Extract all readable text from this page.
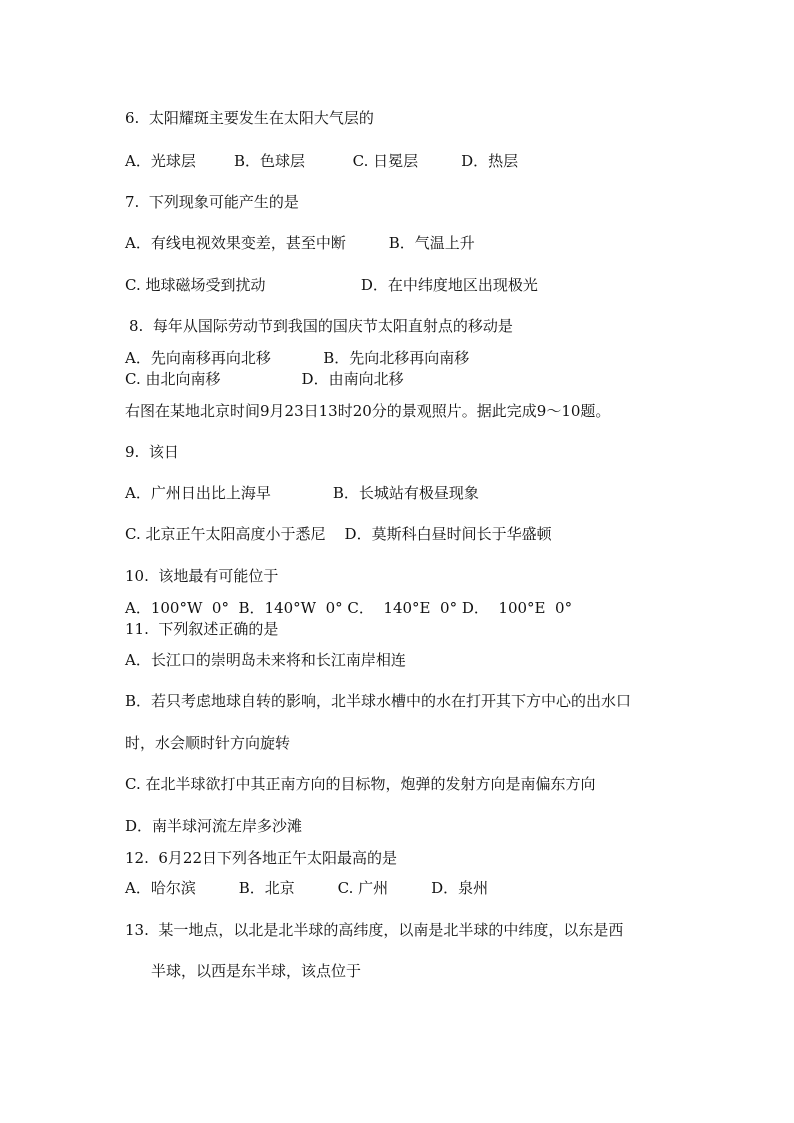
6.  太阳耀斑主要发生在太阳大气层的
A．光球层        B．色球层          C. 日冕层         D．热层
7.  下列现象可能产生的是
A．有线电视效果变差，甚至中断         B．气温上升
C. 地球磁场受到扰动                    D．在中纬度地区出现极光
8.  每年从国际劳动节到我国的国庆节太阳直射点的移动是
A．先向南移再向北移           B．先向北移再向南移
C. 由北向南移                 D．由南向北移
右图在某地北京时间9月23日13时20分的景观照片。据此完成9～10题。
9.  该日
A．广州日出比上海早             B．长城站有极昼现象
C. 北京正午太阳高度小于悉尼    D．莫斯科白昼时间长于华盛顿
10.  该地最有可能位于
A．100°W  0°  B．140°W  0° C．  140°E  0° D．  100°E  0°
11.  下列叙述正确的是
A．长江口的崇明岛未来将和长江南岸相连
B．若只考虑地球自转的影响，北半球水槽中的水在打开其下方中心的出水口
时，水会顺时针方向旋转
C. 在北半球欲打中其正南方向的目标物，炮弹的发射方向是南偏东方向
D．南半球河流左岸多沙滩
12.  6月22日下列各地正午太阳最高的是
A．哈尔滨         B．北京         C. 广州         D．泉州
13.  某一地点，以北是北半球的高纬度，以南是北半球的中纬度，以东是西
半球，以西是东半球，该点位于
